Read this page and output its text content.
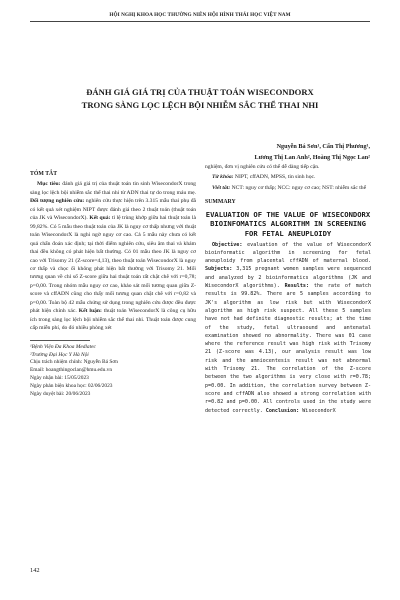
HỘI NGHỊ KHOA HỌC THƯỜNG NIÊN HỘI HÌNH THÁI HỌC VIỆT NAM
ĐÁNH GIÁ GIÁ TRỊ CỦA THUẬT TOÁN WISECONDORX
TRONG SÀNG LỌC LỆCH BỘI NHIỄM SẮC THỂ THAI NHI
Nguyễn Bá Sơn¹, Cấn Thị Phương¹,
Lương Thị Lan Anh², Hoàng Thị Ngọc Lan²
TÓM TẮT

Mục tiêu: đánh giá giá trị của thuật toán tin sinh WisecondorX trong sàng lọc lệch bội nhiễm sắc thể thai nhi từ ADN thai tự do trong máu mẹ. Đối tượng nghiên cứu: nghiên cứu thực hiện trên 3.315 mẫu thai phụ đã có kết quả xét nghiệm NIPT được đánh giá theo 2 thuật toán (thuật toán của JK và WisecondorX). Kết quả: tỉ lệ trùng khớp giữa hai thuật toán là 99,82%. Có 5 mẫu theo thuật toán của JK là nguy cơ thấp nhưng với thuật toán WisecondorX là nghi ngờ nguy cơ cao. Cả 5 mẫu này chưa có kết quả chẩn đoán xác định; tại thời điểm nghiên cứu, siêu âm thai và khám thai đều không có phát hiện bất thường. Có 01 mẫu theo JK là nguy cơ cao với Trisomy 21 (Z-score=4,13), theo thuật toán WisecondorX là nguy cơ thấp và chọc ối không phát hiện bất thường với Trisomy 21. Mối tương quan về chỉ số Z-score giữa hai thuật toán rất chặt chẽ với r=0,78; p=0,00. Trong nhóm mẫu nguy cơ cao, khảo sát mối tương quan giữa Z-score và cffADN cũng cho thấy mối tương quan chặt chẽ với r=0,82 và p=0,00. Toàn bộ 42 mẫu chứng sử dụng trong nghiên cứu được đều được phát hiện chính xác. Kết luận: thuật toán WisecondorX là công cụ hữu ích trong sàng lọc lệch bội nhiễm sắc thể thai nhi. Thuật toán được cung cấp miễn phí, do đó nhiều phòng xét

¹Bệnh Viện Đa Khoa Medlatec

²Trường Đại Học Y Hà Nội

Chịu trách nhiệm chính: Nguyễn Bá Sơn

Email: hoangthingoclan@hmu.edu.vn

Ngày nhận bài: 15/05/2023

Ngày phản biện khoa học: 02/06/2023

Ngày duyệt bài: 20/06/2023

nghiệm, đơn vị nghiên cứu có thể dễ dàng tiếp cận.

Từ khóa: NIPT, cffADN, MPSS, tin sinh học.

Viết tắt: NCT: nguy cơ thấp; NCC: nguy cơ cao; NST: nhiễm sắc thể

SUMMARY
EVALUATION OF THE VALUE OF WISECONDORX BIOINFOMATICS ALGORITHM IN SCREENING FOR FETAL ANEUPLOIDY

Objective: evaluation of the value of WisecondorX bioinformatic algorithm in screening for fetal aneuploidy from placental cffADN of maternal blood. Subjects: 3,315 pregnant women samples were sequenced and analyzed by 2 bioinformatics algorithms (JK and WisecondorX algorithms). Results: the rate of match results is 99.82%. There are 5 samples according to JK's algorithm as low risk but with WisecondorX algorithm as high risk suspect. All these 5 samples have not had definite diagnostic results; at the time of the study, fetal ultrasound and antenatal examination showed no abnormality. There was 01 case where the reference result was high risk with Trisomy 21 (Z-score was 4.13), our analysis result was low risk and the amniocentesis result was not abnormal with Trisomy 21. The correlation of the Z-score between the two algorithms is very close with r=0.78; p=0.00. In addition, the correlation survey between Z-score and cffADN also showed a strong correlation with r=0.82 and p=0.00. All controls used in the study were detected correctly. Conclusion: WisecondorX

142
